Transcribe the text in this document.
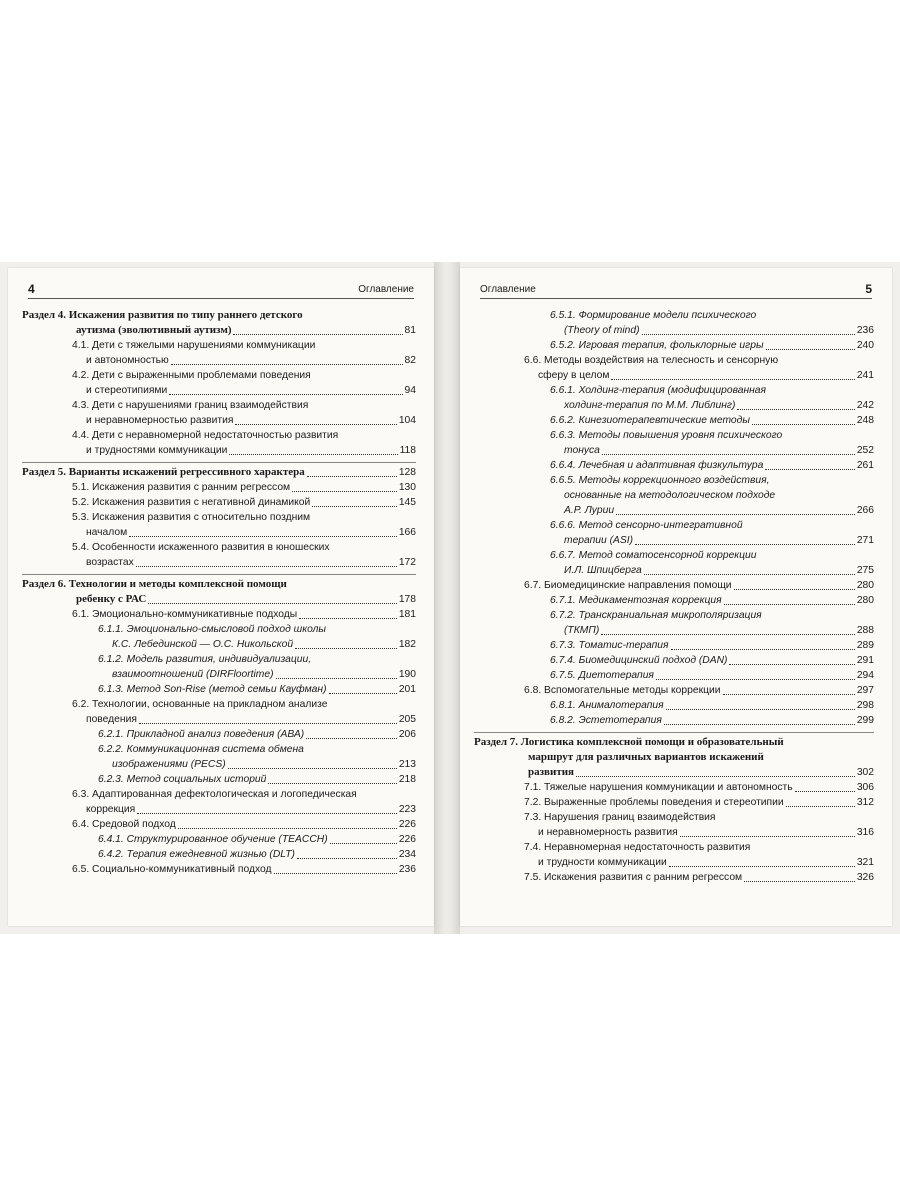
4	Оглавление
Раздел 4. Искажения развития по типу раннего детского
аутизма (эволютивный аутизм)	81
4.1. Дети с тяжелыми нарушениями коммуникации
и автономностью	82
4.2. Дети с выраженными проблемами поведения
и стереотипиями	94
4.3. Дети с нарушениями границ взаимодействия
и неравномерностью развития	104
4.4. Дети с неравномерной недостаточностью развития
и трудностями коммуникации	118
Раздел 5. Варианты искажений регрессивного характера	128
5.1. Искажения развития с ранним регрессом	130
5.2. Искажения развития с негативной динамикой	145
5.3. Искажения развития с относительно поздним
началом	166
5.4. Особенности искаженного развития в юношеских
возрастах	172
Раздел 6. Технологии и методы комплексной помощи
ребенку с РАС	178
6.1. Эмоционально-коммуникативные подходы	181
6.1.1. Эмоционально-смысловой подход школы
К.С. Лебединской — О.С. Никольской	182
6.1.2. Модель развития, индивидуализации,
взаимоотношений (DIRFloortime)	190
6.1.3. Метод Son-Rise (метод семьи Кауфман)	201
6.2. Технологии, основанные на прикладном анализе
поведения	205
6.2.1. Прикладной анализ поведения (АВА)	206
6.2.2. Коммуникационная система обмена
изображениями (PECS)	213
6.2.3. Метод социальных историй	218
6.3. Адаптированная дефектологическая и логопедическая
коррекция	223
6.4. Средовой подход	226
6.4.1. Структурированное обучение (TEACCH)	226
6.4.2. Терапия ежедневной жизнью (DLT)	234
6.5. Социально-коммуникативный подход	236
Оглавление	5
6.5.1. Формирование модели психического
(Theory of mind)	236
6.5.2. Игровая терапия, фольклорные игры	240
6.6. Методы воздействия на телесность и сенсорную
сферу в целом	241
6.6.1. Холдинг-терапия (модифицированная
холдинг-терапия по М.М. Либлинг)	242
6.6.2. Кинезиотерапевтические методы	248
6.6.3. Методы повышения уровня психического
тонуса	252
6.6.4. Лечебная и адаптивная физкультура	261
6.6.5. Методы коррекционного воздействия,
основанные на методологическом подходе
А.Р. Лурии	266
6.6.6. Метод сенсорно-интегративной
терапии (ASI)	271
6.6.7. Метод соматосенсорной коррекции
И.Л. Шпицберга	275
6.7. Биомедицинские направления помощи	280
6.7.1. Медикаментозная коррекция	280
6.7.2. Транскраниальная микрополяризация
(ТКМП)	288
6.7.3. Томатис-терапия	289
6.7.4. Биомедицинский подход (DAN)	291
6.7.5. Диетотерапия	294
6.8. Вспомогательные методы коррекции	297
6.8.1. Анималотерапия	298
6.8.2. Эстетотерапия	299
Раздел 7. Логистика комплексной помощи и образовательный
маршрут для различных вариантов искажений
развития	302
7.1. Тяжелые нарушения коммуникации и автономность	306
7.2. Выраженные проблемы поведения и стереотипии	312
7.3. Нарушения границ взаимодействия
и неравномерность развития	316
7.4. Неравномерная недостаточность развития
и трудности коммуникации	321
7.5. Искажения развития с ранним регрессом	326
